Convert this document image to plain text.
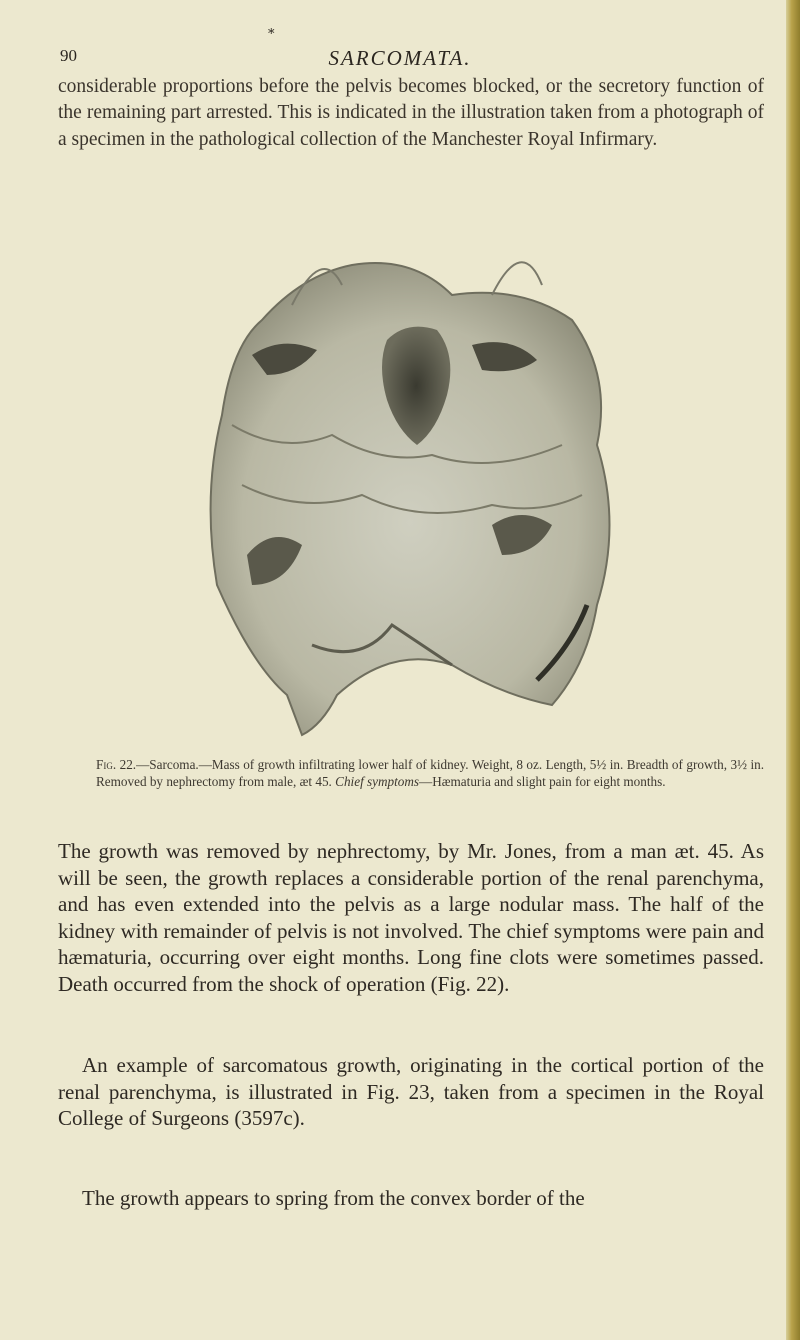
*
90	SARCOMATA.

considerable proportions before the pelvis becomes blocked, or the secretory function of the remaining part arrested. This is indicated in the illustration taken from a photograph of a specimen in the pathological collection of the Manchester Royal Infirmary.

Fig. 22.—Sarcoma.—Mass of growth infiltrating lower half of kidney. Weight, 8 oz. Length, 5½ in. Breadth of growth, 3½ in. Removed by nephrectomy from male, æt 45. Chief symptoms—Hæmaturia and slight pain for eight months.

The growth was removed by nephrectomy, by Mr. Jones, from a man æt. 45. As will be seen, the growth replaces a considerable portion of the renal parenchyma, and has even extended into the pelvis as a large nodular mass. The half of the kidney with remainder of pelvis is not involved. The chief symptoms were pain and hæmaturia, occurring over eight months. Long fine clots were sometimes passed. Death occurred from the shock of operation (Fig. 22).

An example of sarcomatous growth, originating in the cortical portion of the renal parenchyma, is illustrated in Fig. 23, taken from a specimen in the Royal College of Surgeons (3597c).

The growth appears to spring from the convex border of the
